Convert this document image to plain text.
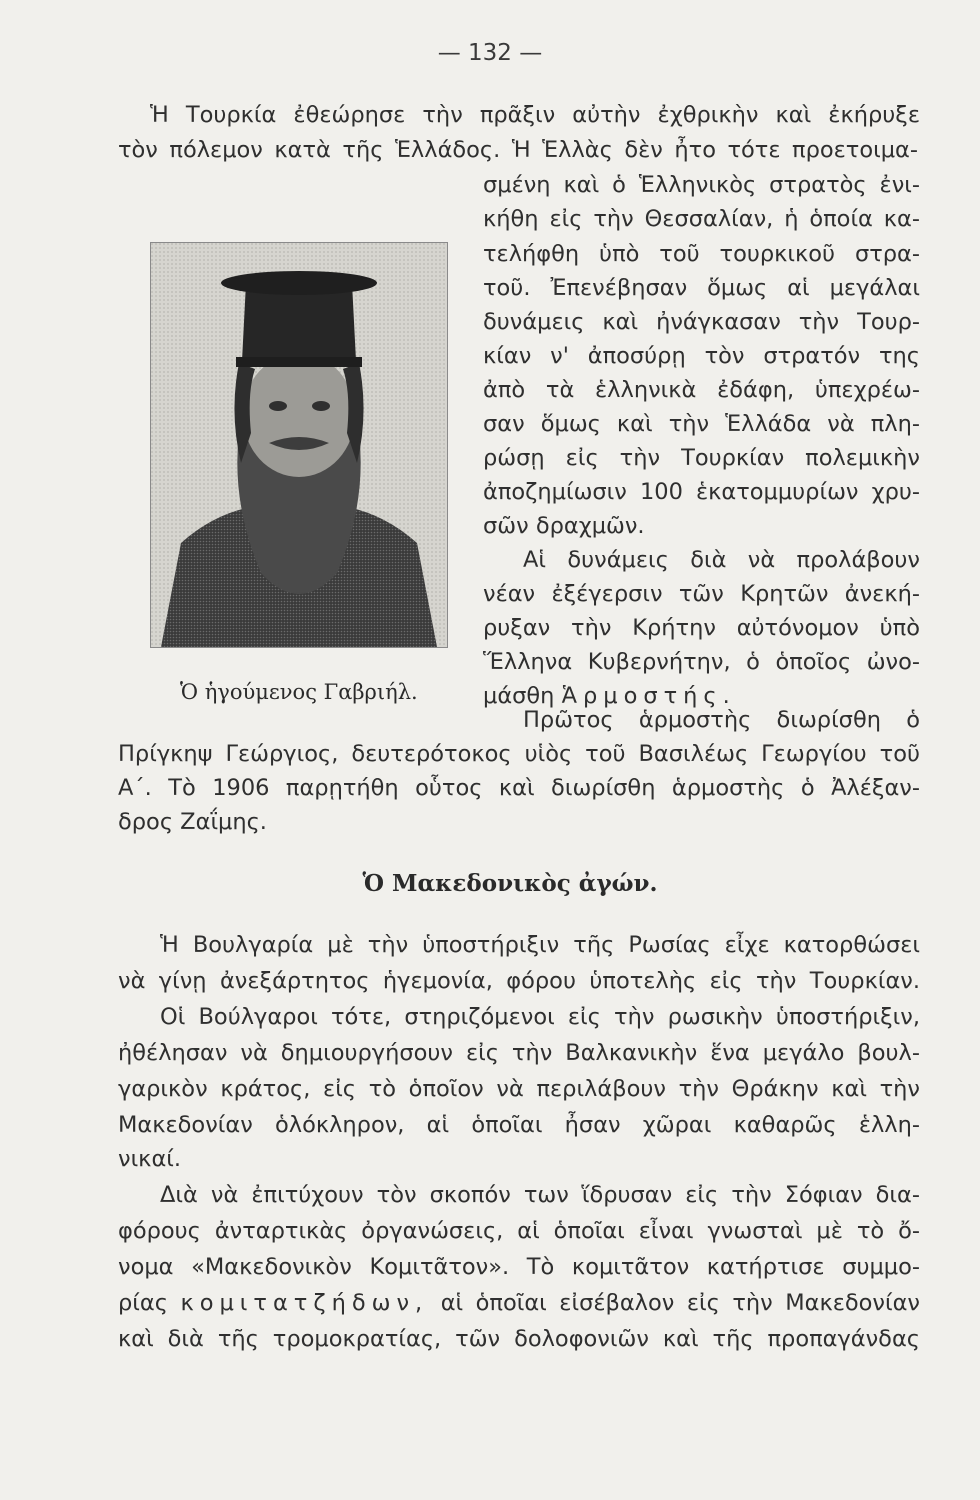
— 132 —
Ἡ Τουρκία ἐθεώρησε τὴν πρᾶξιν αὐτὴν ἐχθρικὴν καὶ ἐκήρυξε
τὸν πόλεμον κατὰ τῆς Ἑλλάδος. Ἡ Ἑλλὰς δὲν ἦτο τότε προετοιμα-
σμένη καὶ ὁ Ἑλληνικὸς στρατὸς ἐνι-
κήθη εἰς τὴν Θεσσαλίαν, ἡ ὁποία κα-
τελήφθη ὑπὸ τοῦ τουρκικοῦ στρα-
τοῦ. Ἐπενέβησαν ὅμως αἱ μεγάλαι
δυνάμεις καὶ ἠνάγκασαν τὴν Τουρ-
κίαν ν' ἀποσύρῃ τὸν στρατόν της
ἀπὸ τὰ ἑλληνικὰ ἐδάφη, ὑπεχρέω-
σαν ὅμως καὶ τὴν Ἑλλάδα νὰ πλη-
ρώσῃ εἰς τὴν Τουρκίαν πολεμικὴν
ἀποζημίωσιν 100 ἑκατομμυρίων χρυ-
σῶν δραχμῶν.
Αἱ δυνάμεις διὰ νὰ προλάβουν
νέαν ἐξέγερσιν τῶν Κρητῶν ἀνεκή-
ρυξαν τὴν Κρήτην αὐτόνομον ὑπὸ
Ἕλληνα Κυβερνήτην, ὁ ὁποῖος ὠνο-
μάσθη Ἁρμοστής.
Ὁ ἡγούμενος Γαβριήλ.
Πρῶτος ἁρμοστὴς διωρίσθη ὁ
Πρίγκηψ Γεώργιος, δευτερότοκος υἱὸς τοῦ Βασιλέως Γεωργίου τοῦ
Α΄. Τὸ 1906 παρῃτήθη οὗτος καὶ διωρίσθη ἁρμοστὴς ὁ Ἀλέξαν-
δρος Ζαΐμης.
Ὁ Μακεδονικὸς ἀγών.
Ἡ Βουλγαρία μὲ τὴν ὑποστήριξιν τῆς Ρωσίας εἶχε κατορθώσει
νὰ γίνῃ ἀνεξάρτητος ἡγεμονία, φόρου ὑποτελὴς εἰς τὴν Τουρκίαν.
Οἱ Βούλγαροι τότε, στηριζόμενοι εἰς τὴν ρωσικὴν ὑποστήριξιν,
ἠθέλησαν νὰ δημιουργήσουν εἰς τὴν Βαλκανικὴν ἕνα μεγάλο βουλ-
γαρικὸν κράτος, εἰς τὸ ὁποῖον νὰ περιλάβουν τὴν Θράκην καὶ τὴν
Μακεδονίαν ὁλόκληρον, αἱ ὁποῖαι ἦσαν χῶραι καθαρῶς ἑλλη-
νικαί.
Διὰ νὰ ἐπιτύχουν τὸν σκοπόν των ἵδρυσαν εἰς τὴν Σόφιαν δια-
φόρους ἀνταρτικὰς ὀργανώσεις, αἱ ὁποῖαι εἶναι γνωσταὶ μὲ τὸ ὄ-
νομα «Μακεδονικὸν Κομιτᾶτον». Τὸ κομιτᾶτον κατήρτισε συμμο-
ρίας κομιτατζήδων, αἱ ὁποῖαι εἰσέβαλον εἰς τὴν Μακεδονίαν
καὶ διὰ τῆς τρομοκρατίας, τῶν δολοφονιῶν καὶ τῆς προπαγάνδας
